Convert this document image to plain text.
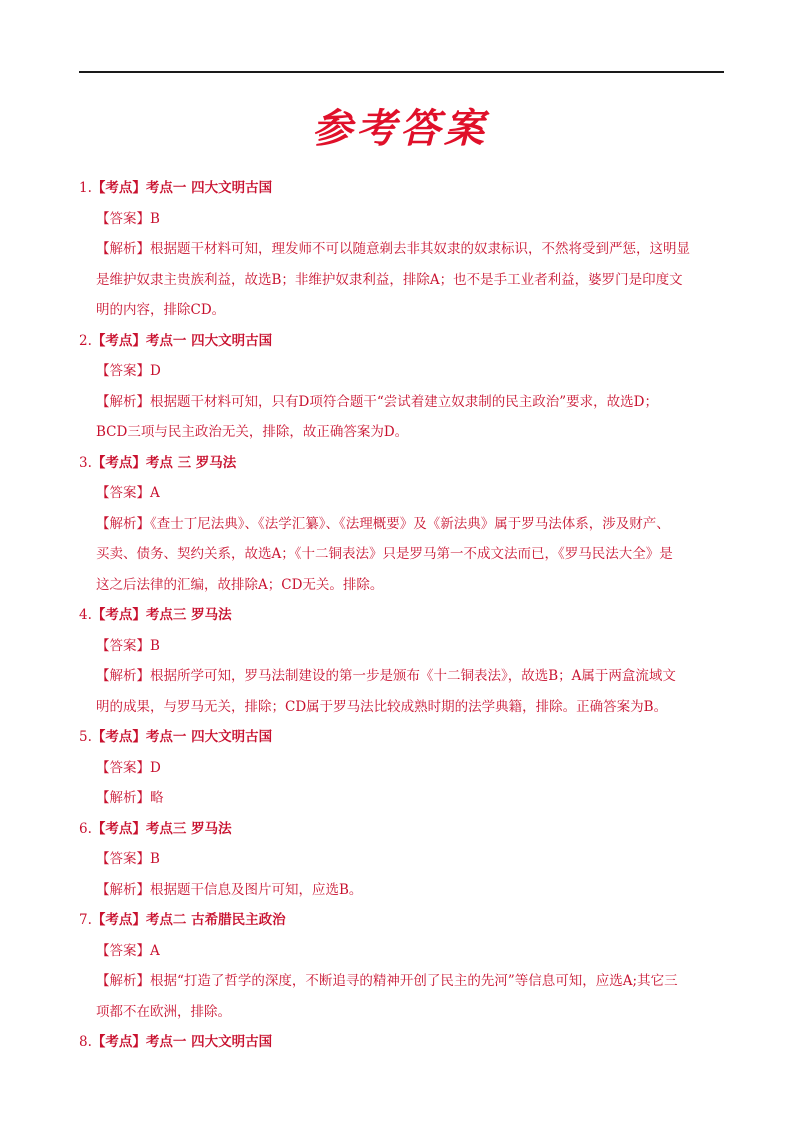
参考答案
1.【考点】考点一 四大文明古国
【答案】B
【解析】根据题干材料可知，理发师不可以随意剃去非其奴隶的奴隶标识，不然将受到严惩，这明显
是维护奴隶主贵族利益，故选B；非维护奴隶利益，排除A；也不是手工业者利益，婆罗门是印度文
明的内容，排除CD。
2.【考点】考点一 四大文明古国
【答案】D
【解析】根据题干材料可知，只有D项符合题干“尝试着建立奴隶制的民主政治”要求，故选D；
BCD三项与民主政治无关，排除，故正确答案为D。
3.【考点】考点 三 罗马法
【答案】A
【解析】《查士丁尼法典》、《法学汇纂》、《法理概要》及《新法典》属于罗马法体系，涉及财产、
买卖、债务、契约关系，故选A；《十二铜表法》只是罗马第一不成文法而已，《罗马民法大全》是
这之后法律的汇编，故排除A；CD无关。排除。
4.【考点】考点三 罗马法
【答案】B
【解析】根据所学可知，罗马法制建设的第一步是颁布《十二铜表法》，故选B；A属于两盒流域文
明的成果，与罗马无关，排除；CD属于罗马法比较成熟时期的法学典籍，排除。正确答案为B。
5.【考点】考点一 四大文明古国
【答案】D
【解析】略
6.【考点】考点三 罗马法
【答案】B
【解析】根据题干信息及图片可知，应选B。
7.【考点】考点二 古希腊民主政治
【答案】A
【解析】根据“打造了哲学的深度，不断追寻的精神开创了民主的先河”等信息可知，应选A;其它三
项都不在欧洲，排除。
8.【考点】考点一 四大文明古国
